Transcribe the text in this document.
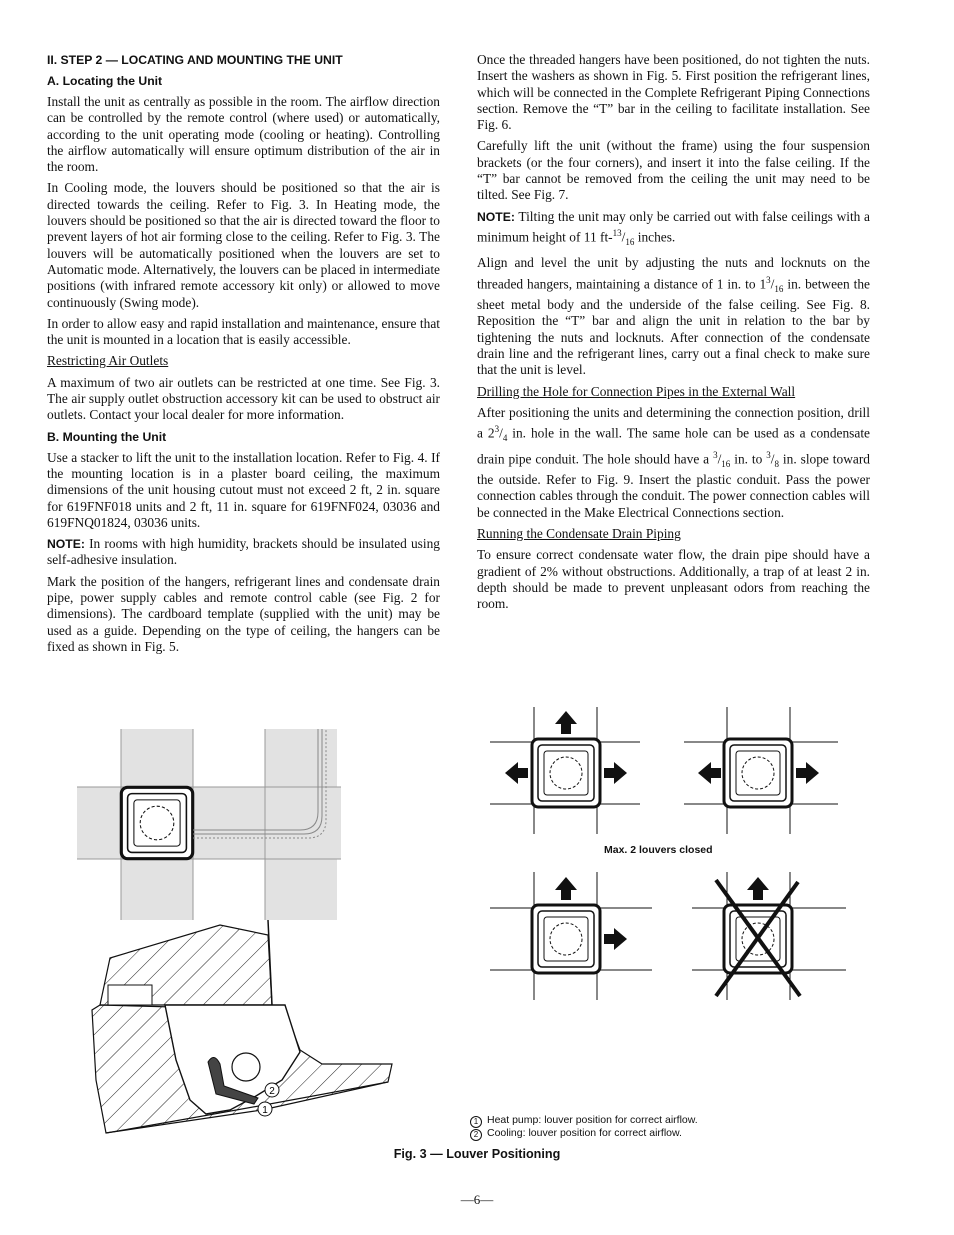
II. STEP 2 — LOCATING AND MOUNTING THE UNIT
A. Locating the Unit

Install the unit as centrally as possible in the room. The airflow direction can be controlled by the remote control (where used) or automatically, according to the unit operating mode (cooling or heating). Controlling the airflow automatically will ensure optimum distribution of the air in the room.

In Cooling mode, the louvers should be positioned so that the air is directed towards the ceiling. Refer to Fig. 3. In Heating mode, the louvers should be positioned so that the air is directed toward the floor to prevent layers of hot air forming close to the ceiling. Refer to Fig. 3. The louvers will be automatically positioned when the louvers are set to Automatic mode. Alternatively, the louvers can be placed in intermediate positions (with infrared remote accessory kit only) or allowed to move continuously (Swing mode).

In order to allow easy and rapid installation and maintenance, ensure that the unit is mounted in a location that is easily accessible.

Restricting Air Outlets

A maximum of two air outlets can be restricted at one time. See Fig. 3. The air supply outlet obstruction accessory kit can be used to obstruct air outlets. Contact your local dealer for more information.

B. Mounting the Unit

Use a stacker to lift the unit to the installation location. Refer to Fig. 4. If the mounting location is in a plaster board ceiling, the maximum dimensions of the unit housing cutout must not exceed 2 ft, 2 in. square for 619FNF018 units and 2 ft, 11 in. square for 619FNF024, 03036 and 619FNQ01824, 03036 units.

NOTE: In rooms with high humidity, brackets should be insulated using self-adhesive insulation.

Mark the position of the hangers, refrigerant lines and condensate drain pipe, power supply cables and remote control cable (see Fig. 2 for dimensions). The cardboard template (supplied with the unit) may be used as a guide. Depending on the type of ceiling, the hangers can be fixed as shown in Fig. 5.

Once the threaded hangers have been positioned, do not tighten the nuts. Insert the washers as shown in Fig. 5. First position the refrigerant lines, which will be connected in the Complete Refrigerant Piping Connections section. Remove the “T” bar in the ceiling to facilitate installation. See Fig. 6.

Carefully lift the unit (without the frame) using the four suspension brackets (or the four corners), and insert it into the false ceiling. If the “T” bar cannot be removed from the ceiling the unit may need to be tilted. See Fig. 7.

NOTE: Tilting the unit may only be carried out with false ceilings with a minimum height of 11 $ft-^{13}/_{16}$ inches.

Align and level the unit by adjusting the nuts and locknuts on the threaded hangers, maintaining a distance of 1 in. to $1^3/_{16}$ in. between the sheet metal body and the underside of the false ceiling. See Fig. 8. Reposition the “T” bar and align the unit in relation to the bar by tightening the nuts and locknuts. After connection of the condensate drain line and the refrigerant lines, carry out a final check to make sure that the unit is level.

Drilling the Hole for Connection Pipes in the External Wall

After positioning the units and determining the connection position, drill a $2^3/_4$ in. hole in the wall. The same hole can be used as a condensate drain pipe conduit. The hole should have a $^3/_{16}$ in. to $^3/_8$ in. slope toward the outside. Refer to Fig. 9. Insert the plastic conduit. Pass the power connection cables through the conduit. The power connection cables will be connected in the Make Electrical Connections section.

Running the Condensate Drain Piping

To ensure correct condensate water flow, the drain pipe should have a gradient of 2% without obstructions. Additionally, a trap of at least 2 in. depth should be made to prevent unpleasant odors from reaching the room.

2
1
Max. 2 louvers closed
1 Heat pump: louver position for correct airflow.
2 Cooling: louver position for correct airflow.
Fig. 3 — Louver Positioning
—6—
